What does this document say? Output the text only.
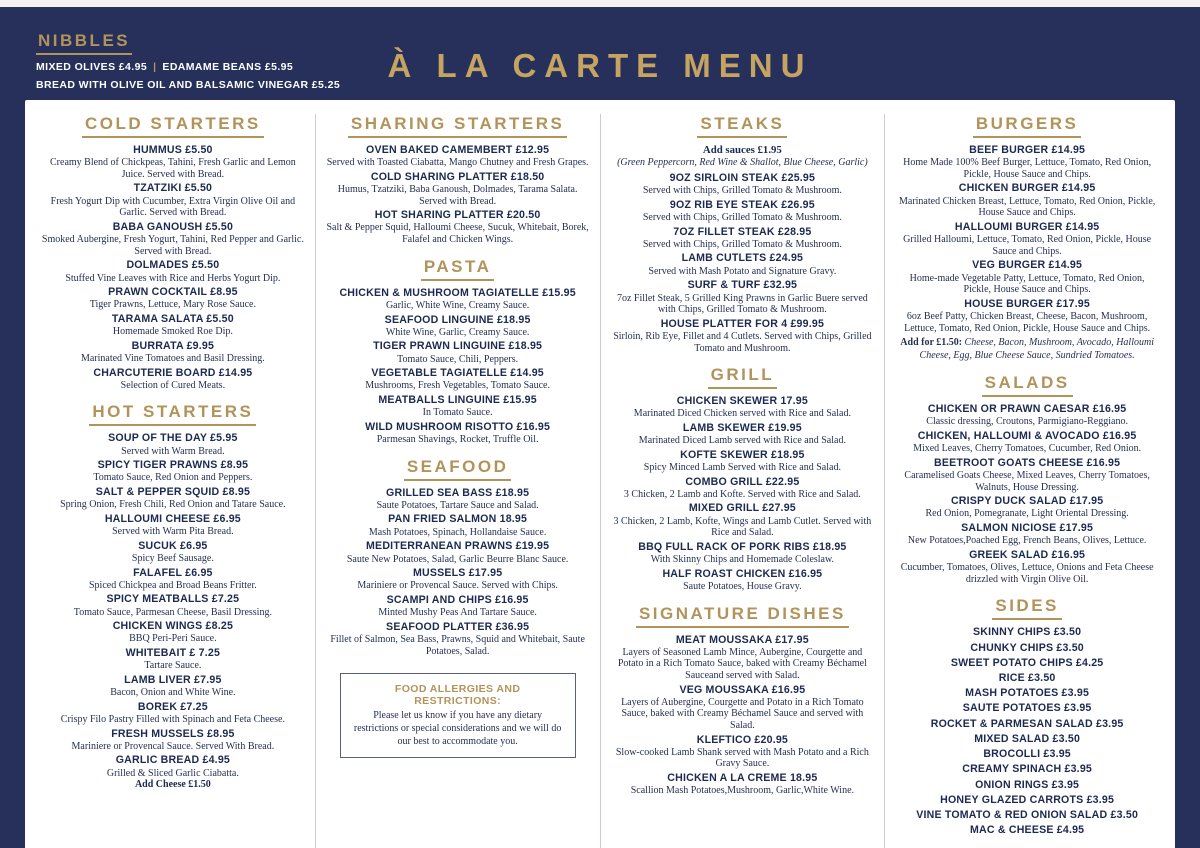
NIBBLES
MIXED OLIVES £4.95 | EDAMAME BEANS £5.95
BREAD WITH OLIVE OIL AND BALSAMIC VINEGAR £5.25
À LA CARTE MENU
COLD STARTERS
HUMMUS £5.50
Creamy Blend of Chickpeas, Tahini, Fresh Garlic and Lemon Juice. Served with Bread.
TZATZIKI £5.50
Fresh Yogurt Dip with Cucumber, Extra Virgin Olive Oil and Garlic. Served with Bread.
BABA GANOUSH £5.50
Smoked Aubergine, Fresh Yogurt, Tahini, Red Pepper and Garlic. Served with Bread.
DOLMADES £5.50
Stuffed Vine Leaves with Rice and Herbs Yogurt Dip.
PRAWN COCKTAIL £8.95
Tiger Prawns, Lettuce, Mary Rose Sauce.
TARAMA SALATA £5.50
Homemade Smoked Roe Dip.
BURRATA £9.95
Marinated Vine Tomatoes and Basil Dressing.
CHARCUTERIE BOARD £14.95
Selection of Cured Meats.
HOT STARTERS
SOUP OF THE DAY £5.95
Served with Warm Bread.
SPICY TIGER PRAWNS £8.95
Tomato Sauce, Red Onion and Peppers.
SALT & PEPPER SQUID £8.95
Spring Onion, Fresh Chili, Red Onion and Tatare Sauce.
HALLOUMI CHEESE £6.95
Served with Warm Pita Bread.
SUCUK £6.95
Spicy Beef Sausage.
FALAFEL £6.95
Spiced Chickpea and Broad Beans Fritter.
SPICY MEATBALLS £7.25
Tomato Sauce, Parmesan Cheese, Basil Dressing.
CHICKEN WINGS £8.25
BBQ Peri-Peri Sauce.
WHITEBAIT £ 7.25
Tartare Sauce.
LAMB LIVER £7.95
Bacon, Onion and White Wine.
BOREK £7.25
Crispy Filo Pastry Filled with Spinach and Feta Cheese.
FRESH MUSSELS £8.95
Mariniere or Provencal Sauce. Served With Bread.
GARLIC BREAD £4.95
Grilled & Sliced Garlic Ciabatta.
Add Cheese £1.50
SHARING STARTERS
OVEN BAKED CAMEMBERT £12.95
Served with Toasted Ciabatta, Mango Chutney and Fresh Grapes.
COLD SHARING PLATTER £18.50
Humus, Tzatziki, Baba Ganoush, Dolmades, Tarama Salata. Served with Bread.
HOT SHARING PLATTER £20.50
Salt & Pepper Squid, Halloumi Cheese, Sucuk, Whitebait, Borek, Falafel and Chicken Wings.
PASTA
CHICKEN & MUSHROOM TAGIATELLE £15.95
Garlic, White Wine, Creamy Sauce.
SEAFOOD LINGUINE £18.95
White Wine, Garlic, Creamy Sauce.
TIGER PRAWN LINGUINE £18.95
Tomato Sauce, Chili, Peppers.
VEGETABLE TAGIATELLE £14.95
Mushrooms, Fresh Vegetables, Tomato Sauce.
MEATBALLS LINGUINE £15.95
In Tomato Sauce.
WILD MUSHROOM RISOTTO £16.95
Parmesan Shavings, Rocket, Truffle Oil.
SEAFOOD
GRILLED SEA BASS £18.95
Saute Potatoes, Tartare Sauce and Salad.
PAN FRIED SALMON 18.95
Mash Potatoes, Spinach, Hollandaise Sauce.
MEDITERRANEAN PRAWNS £19.95
Saute New Potatoes, Salad, Garlic Beurre Blanc Sauce.
MUSSELS £17.95
Mariniere or Provencal Sauce. Served with Chips.
SCAMPI AND CHIPS £16.95
Minted Mushy Peas And Tartare Sauce.
SEAFOOD PLATTER £36.95
Fillet of Salmon, Sea Bass, Prawns, Squid and Whitebait, Saute Potatoes, Salad.
FOOD ALLERGIES AND RESTRICTIONS:
Please let us know if you have any dietary restrictions or special considerations and we will do our best to accommodate you.
STEAKS
Add sauces £1.95
(Green Peppercorn, Red Wine & Shallot, Blue Cheese, Garlic)
9OZ SIRLOIN STEAK £25.95
Served with Chips, Grilled Tomato & Mushroom.
9OZ RIB EYE STEAK £26.95
Served with Chips, Grilled Tomato & Mushroom.
7OZ FILLET STEAK £28.95
Served with Chips, Grilled Tomato & Mushroom.
LAMB CUTLETS £24.95
Served with Mash Potato and Signature Gravy.
SURF & TURF £32.95
7oz Fillet Steak, 5 Grilled King Prawns in Garlic Buere served with Chips, Grilled Tomato & Mushroom.
HOUSE PLATTER FOR 4 £99.95
Sirloin, Rib Eye, Fillet and 4 Cutlets. Served with Chips, Grilled Tomato and Mushroom.
GRILL
CHICKEN SKEWER 17.95
Marinated Diced Chicken served with Rice and Salad.
LAMB SKEWER £19.95
Marinated Diced Lamb served with Rice and Salad.
KOFTE SKEWER £18.95
Spicy Minced Lamb Served with Rice and Salad.
COMBO GRILL £22.95
3 Chicken, 2 Lamb and Kofte. Served with Rice and Salad.
MIXED GRILL £27.95
3 Chicken, 2 Lamb, Kofte, Wings and Lamb Cutlet. Served with Rice and Salad.
BBQ FULL RACK OF PORK RIBS £18.95
With Skinny Chips and Homemade Coleslaw.
HALF ROAST CHICKEN £16.95
Saute Potatoes, House Gravy.
SIGNATURE DISHES
MEAT MOUSSAKA £17.95
Layers of Seasoned Lamb Mince, Aubergine, Courgette and Potato in a Rich Tomato Sauce, baked with Creamy Béchamel Sauceand served with Salad.
VEG MOUSSAKA £16.95
Layers of Aubergine, Courgette and Potato in a Rich Tomato Sauce, baked with Creamy Béchamel Sauce and served with Salad.
KLEFTICO £20.95
Slow-cooked Lamb Shank served with Mash Potato and a Rich Gravy Sauce.
CHICKEN A LA CREME 18.95
Scallion Mash Potatoes,Mushroom, Garlic,White Wine.
BURGERS
BEEF BURGER £14.95
Home Made 100% Beef Burger, Lettuce, Tomato, Red Onion, Pickle, House Sauce and Chips.
CHICKEN BURGER £14.95
Marinated Chicken Breast, Lettuce, Tomato, Red Onion, Pickle, House Sauce and Chips.
HALLOUMI BURGER £14.95
Grilled Halloumi, Lettuce, Tomato, Red Onion, Pickle, House Sauce and Chips.
VEG BURGER £14.95
Home-made Vegetable Patty, Lettuce, Tomato, Red Onion, Pickle, House Sauce and Chips.
HOUSE BURGER £17.95
6oz Beef Patty, Chicken Breast, Cheese, Bacon, Mushroom, Lettuce, Tomato, Red Onion, Pickle, House Sauce and Chips.
Add for £1.50: Cheese, Bacon, Mushroom, Avocado, Halloumi Cheese, Egg, Blue Cheese Sauce, Sundried Tomatoes.
SALADS
CHICKEN OR PRAWN CAESAR £16.95
Classic dressing, Croutons, Parmigiano-Reggiano.
CHICKEN, HALLOUMI & AVOCADO £16.95
Mixed Leaves, Cherry Tomatoes, Cucumber, Red Onion.
BEETROOT GOATS CHEESE £16.95
Caramelised Goats Cheese, Mixed Leaves, Cherry Tomatoes, Walnuts, House Dressing.
CRISPY DUCK SALAD £17.95
Red Onion, Pomegranate, Light Oriental Dressing.
SALMON NICIOSE £17.95
New Potatoes,Poached Egg, French Beans, Olives, Lettuce.
GREEK SALAD £16.95
Cucumber, Tomatoes, Olives, Lettuce, Onions and Feta Cheese drizzled with Virgin Olive Oil.
SIDES
SKINNY CHIPS £3.50
CHUNKY CHIPS £3.50
SWEET POTATO CHIPS £4.25
RICE £3.50
MASH POTATOES £3.95
SAUTE POTATOES £3.95
ROCKET & PARMESAN SALAD £3.95
MIXED SALAD £3.50
BROCOLLI £3.95
CREAMY SPINACH £3.95
ONION RINGS £3.95
HONEY GLAZED CARROTS £3.95
VINE TOMATO & RED ONION SALAD £3.50
MAC & CHEESE £4.95
